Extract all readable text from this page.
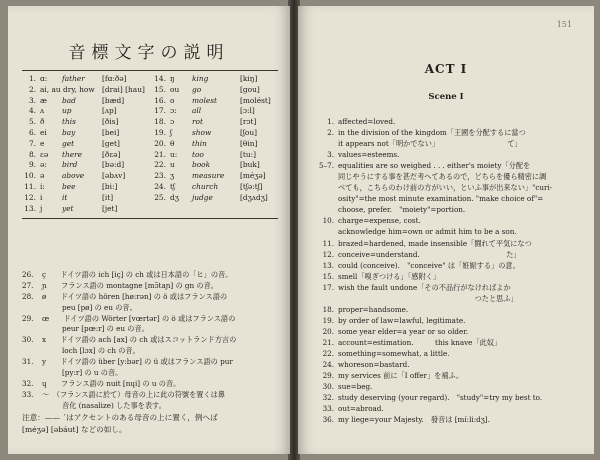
音標文字の説明
1. ɑ: father [fɑ:ðə]
2. ai, au dry, how [drai] [hau]
3. æ bad	[bæd]
4. ʌ up	[ʌp]
5. ð this	[ðis]
6. ei bay	[bei]
7. e get	[get]
8. ɛə there	[ðɛə]
9. ə: bird	[bə:d]
10. ə above [əbʌv]
11. i: bee	[bi:]
12. i	it	[it]
13. j	yet	[jet]
14. ŋ king	[kiŋ]
15. ou go	[gou]
16. o molest	[molést]
17. ɔ: all	[ɔ:l]
18. ɔ rot	[rɔt]
19. ʃ	show	[ʃou]
20. θ thin	[θin]
21. u: too	[tu:]
22. u book	[buk]
23. ʒ measure [méʒə]
24. tʃ church	[tʃə:tʃ]
25. dʒ judge	[dʒʌdʒ]
26.	ç　　ドイツ語の ich [iç] の ch 或は日本語の「ヒ」の音。
27.	ɲ　　フランス語の montagne [mɔ̃taɲ] の gn の音。
28.	ø　　ドイツ語の hören [hø:rən] の ö 或はフランス語の
peu [pø] の eu の音。
29.	œ　　ドイツ語の Wörter [vœrtər] の ö 或はフランス語の
peur [pœ:r] の eu の音。
30.	x　　ドイツ語の ach [ax] の ch 或はスコットランド方言の
loch [lɔx] の ch の音。
31.	y　　ドイツ語の über [y:bər] の ü 或はフランス語の pur
[py:r] の u の音。
32.	ɥ　　フランス語の nuit [nɥi] の u の音。
33.	～　（フランス語に於て）母音の上に此の符號を置くは鼻
音化 (nasalize) した事を表す。
注意：—— ˊはアクセントのある母音の上に置く，例へば
[méʒə] [əbáut] などの如し。
151
ACT I
Scene I
1. affected=loved.
2. in the division of the kingdom「王國を分配するに當つ
it appears not「明かでない」　　　　　　　　　　て」
3. values=esteems.
5–7. equalities are so weighed . . . either's moiety「分配を
同じやうにする事を甚だ考へてあるので，どちらを優ら精密に調
べても，こちらのわけ前の方がいい，といふ事が出来ない」"curi-
osity"=the most minute examination. "make choice of"=
choose, prefer.　"moiety"=portion.
10. charge=expense, cost.
acknowledge him=own or admit him to be a son.
11. brazed=hardened, made insensible「闘れて平気になつ
12. conceive=understand.　　　　　　　　　　　　た」
13. could (conceive).　"conceive" は「姙娠する」の意。
15. smell「嗅ぎつける」「感附く」
17. wish the fault undone「その不品行がなければよか
　　　　　　　　　　　　　　　　　　　つたと思ふ」
18. proper=handsome.
19. by order of law=lawful, legitimate.
20. some year elder=a year or so older.
21. account=estimation.　　　this knave「此奴」
22. something=somewhat, a little.
24. whoreson=bastard.
29. my services 前に「I offer」を補ふ。
30. sue=beg.
32. study deserving (your regard).　"study"=try my best to.
33. out=abroad.
36. my liege=your Majesty.　發音は [mí:li:dʒ].
